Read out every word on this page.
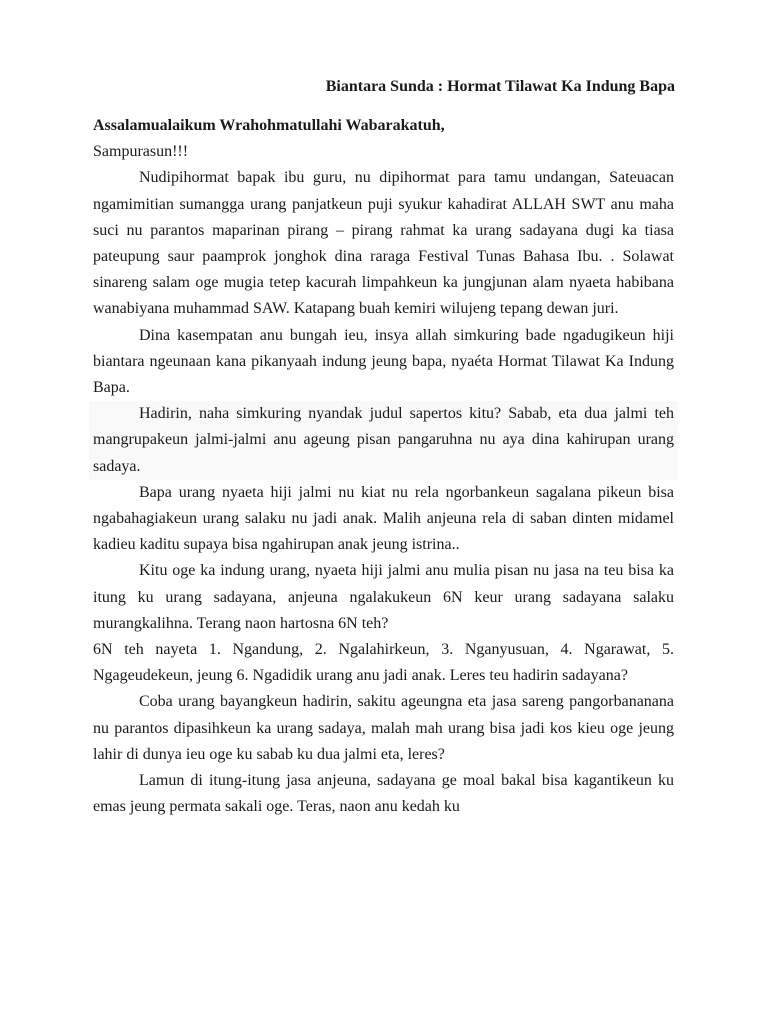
Biantara Sunda : Hormat Tilawat Ka Indung Bapa

Assalamualaikum Wrahohmatullahi Wabarakatuh,

Sampurasun!!!

Nudipihormat bapak ibu guru, nu dipihormat para tamu undangan, Sateuacan ngamimitian sumangga urang panjatkeun puji syukur kahadirat ALLAH SWT anu maha suci nu parantos maparinan pirang – pirang rahmat ka urang sadayana dugi ka tiasa pateupung saur paamprok jonghok dina raraga Festival Tunas Bahasa Ibu. . Solawat sinareng salam oge mugia tetep kacurah limpahkeun ka jungjunan alam nyaeta habibana wanabiyana muhammad SAW. Katapang buah kemiri wilujeng tepang dewan juri.

Dina kasempatan anu bungah ieu, insya allah simkuring bade ngadugikeun hiji biantara ngeunaan kana pikanyaah indung jeung bapa, nyaéta Hormat Tilawat Ka Indung Bapa.

Hadirin, naha simkuring nyandak judul sapertos kitu? Sabab, eta dua jalmi teh mangrupakeun jalmi-jalmi anu ageung pisan pangaruhna nu aya dina kahirupan urang sadaya.

Bapa urang nyaeta hiji jalmi nu kiat nu rela ngorbankeun sagalana pikeun bisa ngabahagiakeun urang salaku nu jadi anak. Malih anjeuna rela di saban dinten midamel kadieu kaditu supaya bisa ngahirupan anak jeung istrina..

Kitu oge ka indung urang, nyaeta hiji jalmi anu mulia pisan nu jasa na teu bisa ka itung ku urang sadayana, anjeuna ngalakukeun 6N keur urang sadayana salaku murangkalihna. Terang naon hartosna 6N teh?

6N teh nayeta 1. Ngandung, 2. Ngalahirkeun, 3. Nganyusuan, 4. Ngarawat, 5. Ngageudekeun, jeung 6. Ngadidik urang anu jadi anak. Leres teu hadirin sadayana?

Coba urang bayangkeun hadirin, sakitu ageungna eta jasa sareng pangorbananana nu parantos dipasihkeun ka urang sadaya, malah mah urang bisa jadi kos kieu oge jeung lahir di dunya ieu oge ku sabab ku dua jalmi eta, leres?

Lamun di itung-itung jasa anjeuna, sadayana ge moal bakal bisa kagantikeun ku emas jeung permata sakali oge. Teras, naon anu kedah ku
